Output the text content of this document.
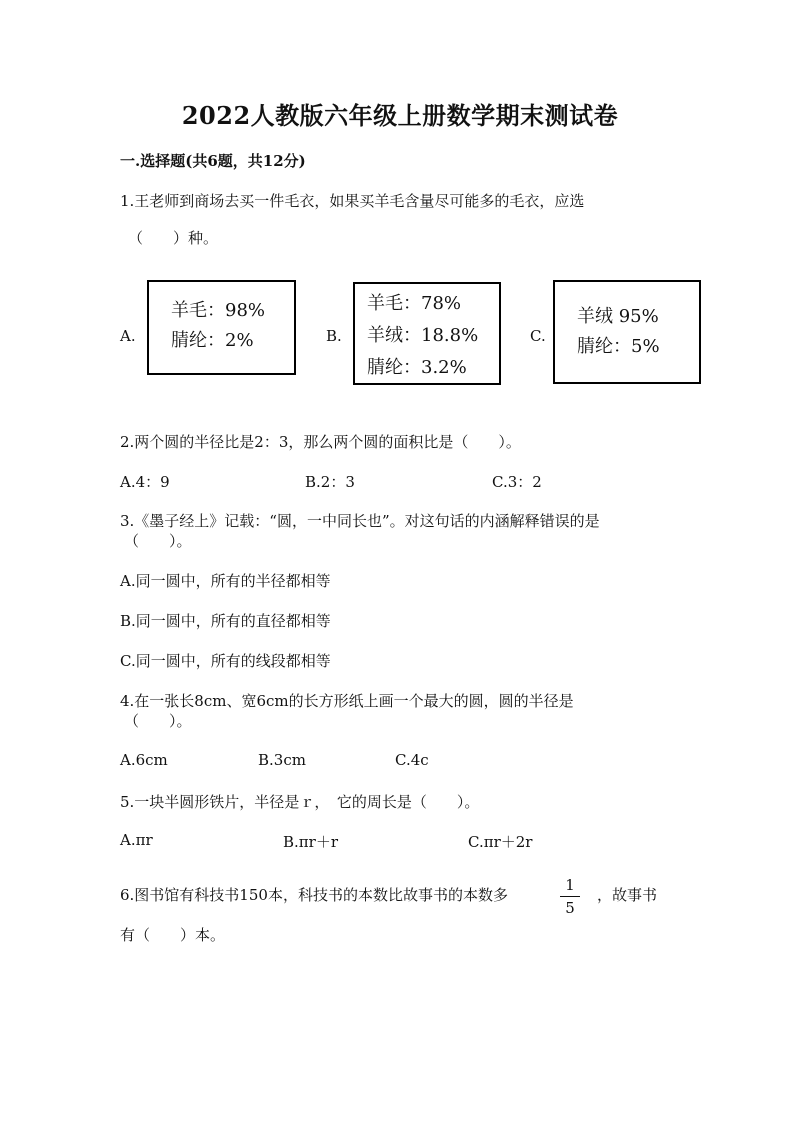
2022人教版六年级上册数学期末测试卷
一.选择题(共6题，共12分)
1.王老师到商场去买一件毛衣，如果买羊毛含量尽可能多的毛衣，应选
（　　）种。
A.
羊毛：98%
腈纶：2%	B.
羊毛：78%
羊绒：18.8%
腈纶：3.2%
C.
羊绒 95%
腈纶：5%
2.两个圆的半径比是2：3，那么两个圆的面积比是（　　）。
A.4：9	B.2：3	C.3：2
3.《墨子经上》记载：“圆，一中同长也”。对这句话的内涵解释错误的是
（　　）。
A.同一圆中，所有的半径都相等
B.同一圆中，所有的直径都相等
C.同一圆中，所有的线段都相等
4.在一张长8cm、宽6cm的长方形纸上画一个最大的圆，圆的半径是
（　　）。
A.6cm	B.3cm	C.4c
5.一块半圆形铁片，半径是ｒ，　它的周长是（　　）。
A.πr	B.πr＋r	C.πr＋2r
6.图书馆有科技书150本，科技书的本数比故事书的本数多
1
5
，故事书
有（　　）本。
